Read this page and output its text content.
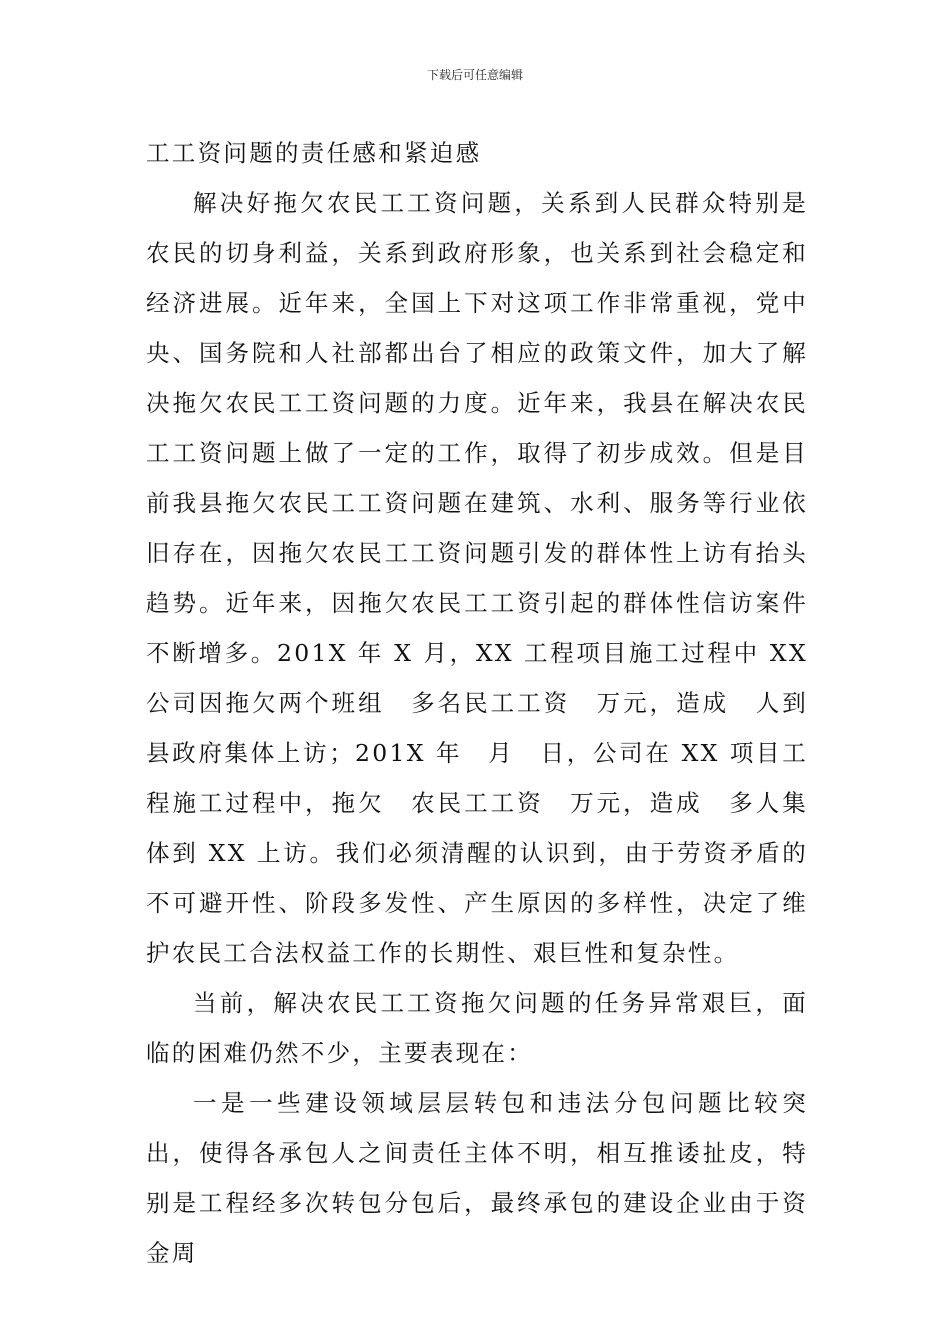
下载后可任意编辑

工工资问题的责任感和紧迫感

解决好拖欠农民工工资问题，关系到人民群众特别是农民的切身利益，关系到政府形象，也关系到社会稳定和经济进展。近年来，全国上下对这项工作非常重视，党中央、国务院和人社部都出台了相应的政策文件，加大了解决拖欠农民工工资问题的力度。近年来，我县在解决农民工工资问题上做了一定的工作，取得了初步成效。但是目前我县拖欠农民工工资问题在建筑、水利、服务等行业依旧存在，因拖欠农民工工资问题引发的群体性上访有抬头趋势。近年来，因拖欠农民工工资引起的群体性信访案件不断增多。201X 年 X 月，XX 工程项目施工过程中 XX 公司因拖欠两个班组　多名民工工资　万元，造成　人到县政府集体上访；201X 年　月　日，公司在 XX 项目工程施工过程中，拖欠　农民工工资　万元，造成　多人集体到 XX 上访。我们必须清醒的认识到，由于劳资矛盾的不可避开性、阶段多发性、产生原因的多样性，决定了维护农民工合法权益工作的长期性、艰巨性和复杂性。

当前，解决农民工工资拖欠问题的任务异常艰巨，面临的困难仍然不少，主要表现在：

一是一些建设领域层层转包和违法分包问题比较突出，使得各承包人之间责任主体不明，相互推诿扯皮，特别是工程经多次转包分包后，最终承包的建设企业由于资金周
